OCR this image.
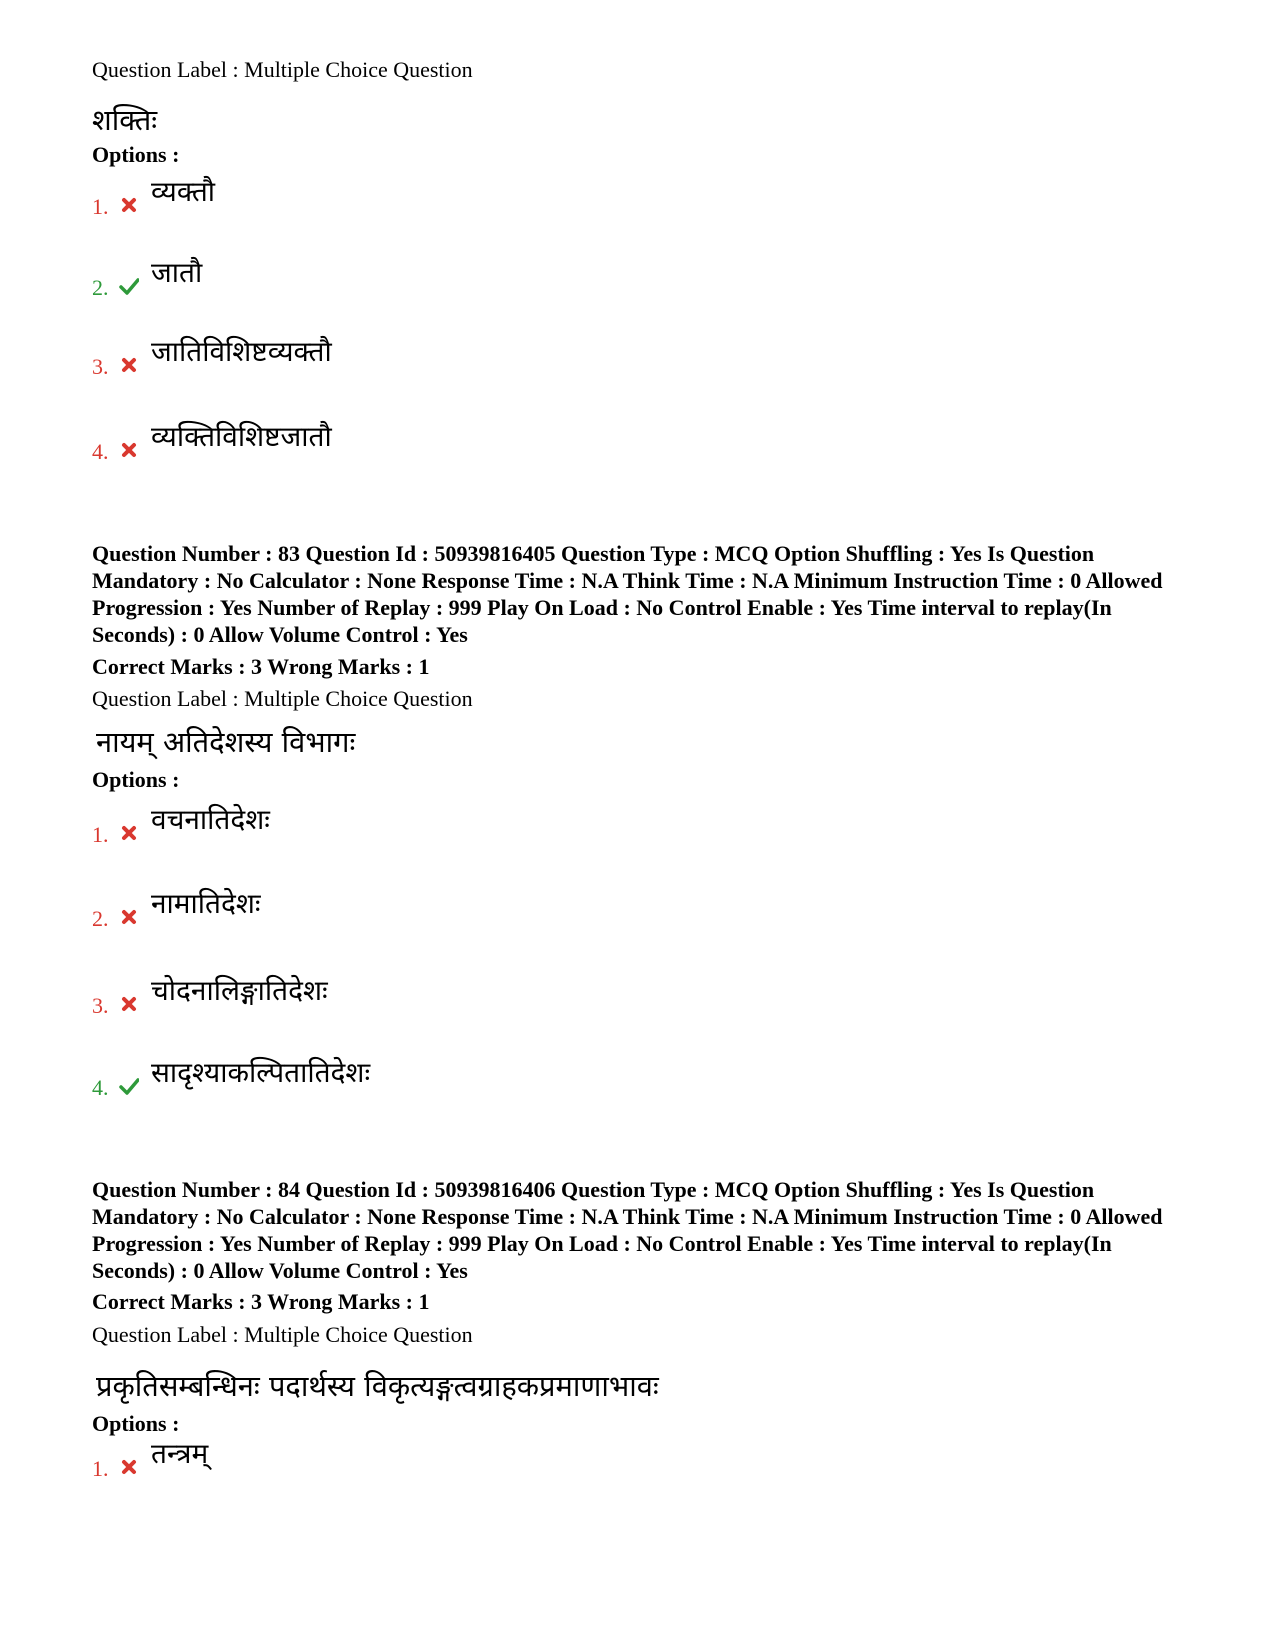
Question Label : Multiple Choice Question
शक्तिः
Options :
1. व्यक्तौ
2. जातौ
3. जातिविशिष्टव्यक्तौ
4. व्यक्तिविशिष्टजातौ
Question Number : 83 Question Id : 50939816405 Question Type : MCQ Option Shuffling : Yes Is Question Mandatory : No Calculator : None Response Time : N.A Think Time : N.A Minimum Instruction Time : 0 Allowed Progression : Yes Number of Replay : 999 Play On Load : No Control Enable : Yes Time interval to replay(In Seconds) : 0 Allow Volume Control : Yes
Correct Marks : 3 Wrong Marks : 1
Question Label : Multiple Choice Question
नायम् अतिदेशस्य विभागः
Options :
1. वचनातिदेशः
2. नामातिदेशः
3. चोदनालिङ्गातिदेशः
4. सादृश्याकल्पितातिदेशः
Question Number : 84 Question Id : 50939816406 Question Type : MCQ Option Shuffling : Yes Is Question Mandatory : No Calculator : None Response Time : N.A Think Time : N.A Minimum Instruction Time : 0 Allowed Progression : Yes Number of Replay : 999 Play On Load : No Control Enable : Yes Time interval to replay(In Seconds) : 0 Allow Volume Control : Yes
Correct Marks : 3 Wrong Marks : 1
Question Label : Multiple Choice Question
प्रकृतिसम्बन्धिनः पदार्थस्य विकृत्यङ्गत्वग्राहकप्रमाणाभावः
Options :
1. तन्त्रम्
